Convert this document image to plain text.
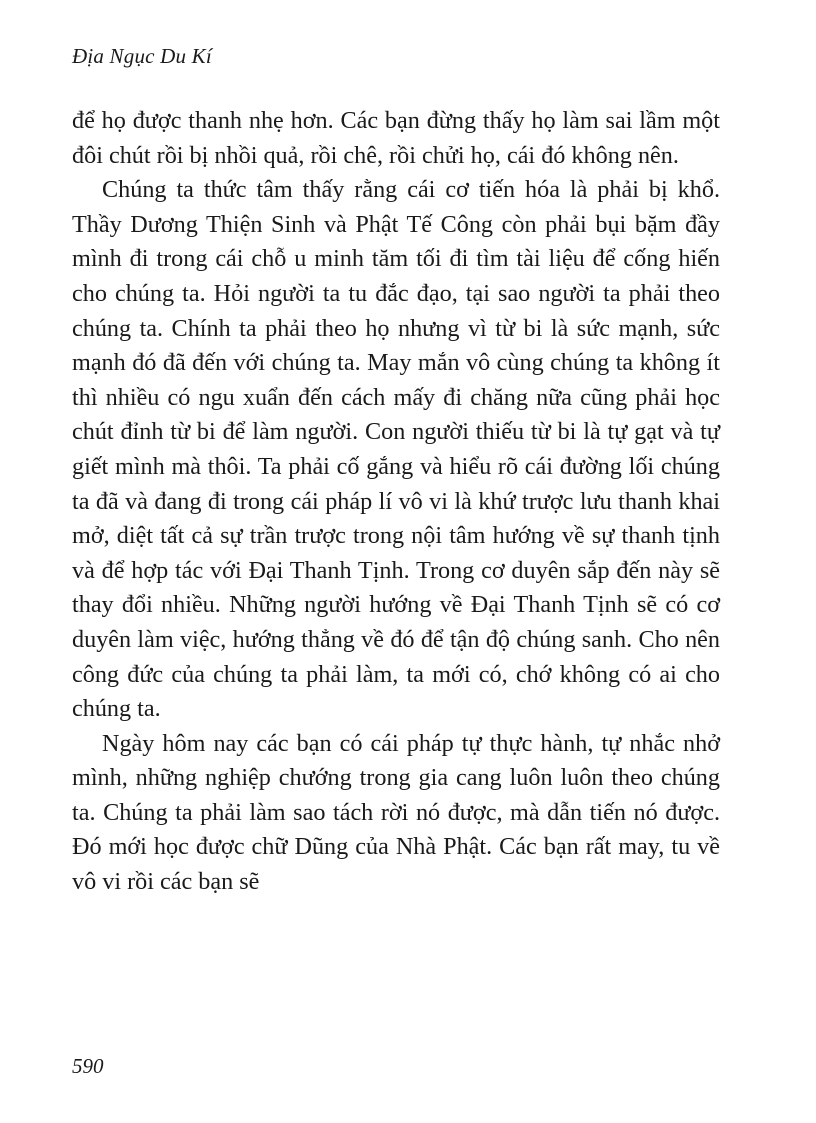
Địa Ngục Du Kí

để họ được thanh nhẹ hơn. Các bạn đừng thấy họ làm sai lầm một đôi chút rồi bị nhồi quả, rồi chê, rồi chửi họ, cái đó không nên.

Chúng ta thức tâm thấy rằng cái cơ tiến hóa là phải bị khổ. Thầy Dương Thiện Sinh và Phật Tế Công còn phải bụi bặm đầy mình đi trong cái chỗ u minh tăm tối đi tìm tài liệu để cống hiến cho chúng ta. Hỏi người ta tu đắc đạo, tại sao người ta phải theo chúng ta. Chính ta phải theo họ nhưng vì từ bi là sức mạnh, sức mạnh đó đã đến với chúng ta. May mắn vô cùng chúng ta không ít thì nhiều có ngu xuẩn đến cách mấy đi chăng nữa cũng phải học chút đỉnh từ bi để làm người. Con người thiếu từ bi là tự gạt và tự giết mình mà thôi. Ta phải cố gắng và hiểu rõ cái đường lối chúng ta đã và đang đi trong cái pháp lí vô vi là khứ trược lưu thanh khai mở, diệt tất cả sự trần trược trong nội tâm hướng về sự thanh tịnh và để hợp tác với Đại Thanh Tịnh. Trong cơ duyên sắp đến này sẽ thay đổi nhiều. Những người hướng về Đại Thanh Tịnh sẽ có cơ duyên làm việc, hướng thẳng về đó để tận độ chúng sanh. Cho nên công đức của chúng ta phải làm, ta mới có, chớ không có ai cho chúng ta.

Ngày hôm nay các bạn có cái pháp tự thực hành, tự nhắc nhở mình, những nghiệp chướng trong gia cang luôn luôn theo chúng ta. Chúng ta phải làm sao tách rời nó được, mà dẫn tiến nó được. Đó mới học được chữ Dũng của Nhà Phật. Các bạn rất may, tu về vô vi rồi các bạn sẽ

590
